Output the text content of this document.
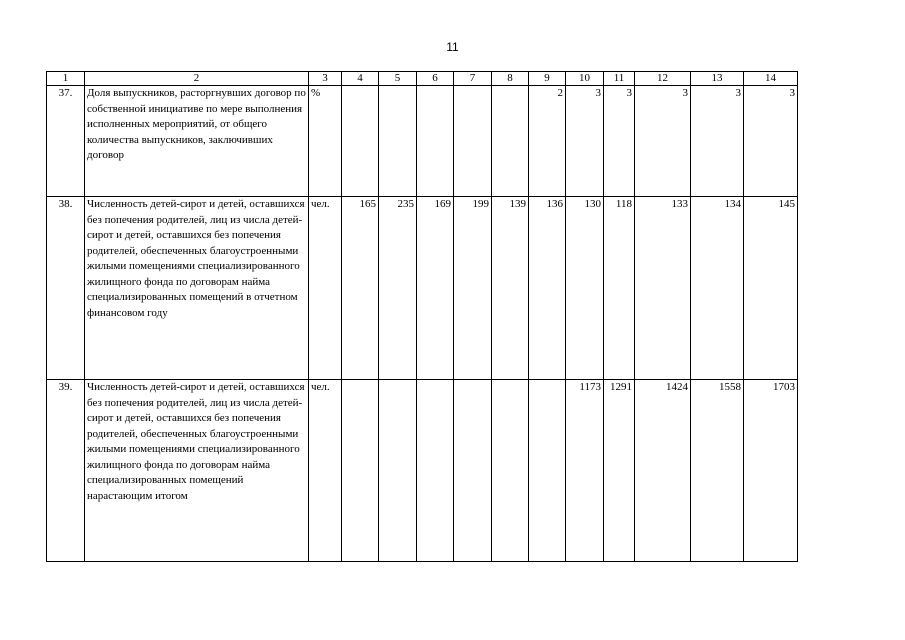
11
1	2	3	4	5	6	7	8	9	10	11	12	13	14
37.	Доля выпускников, расторгнувших договор по собственной инициативе по мере выполнения исполненных мероприятий, от общего количества выпускников, заключивших договор	%						2	3	3	3	3	3
38.	Численность детей-сирот и детей, оставшихся без попечения родителей, лиц из числа детей-сирот и детей, оставшихся без попечения родителей, обеспеченных благоустроенными жилыми помещениями специализированного жилищного фонда по договорам найма специализированных помещений в отчетном финансовом году	чел.	165	235	169	199	139	136	130	118	133	134	145
39.	Численность детей-сирот и детей, оставшихся без попечения родителей, лиц из числа детей-сирот и детей, оставшихся без попечения родителей, обеспеченных благоустроенными жилыми помещениями специализированного жилищного фонда по договорам найма специализированных помещений нарастающим итогом	чел.							1173	1291	1424	1558	1703
